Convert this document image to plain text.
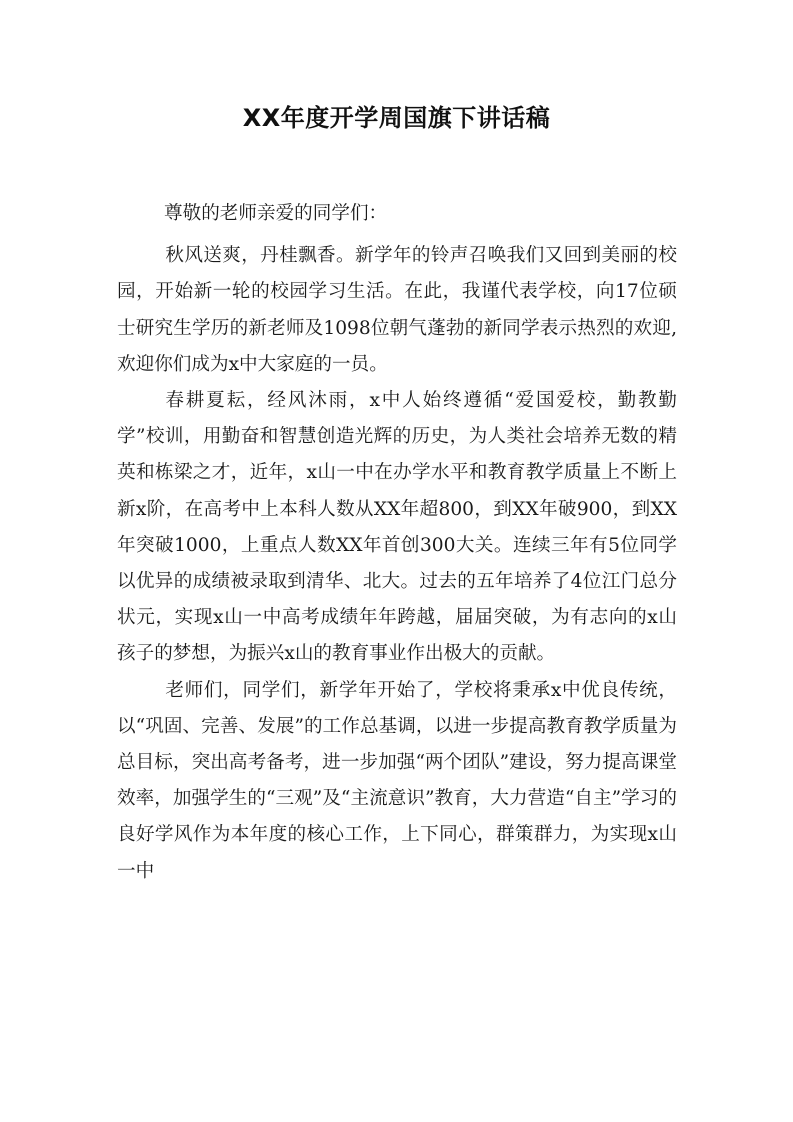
XX年度开学周国旗下讲话稿

尊敬的老师亲爱的同学们：

秋风送爽，丹桂飘香。新学年的铃声召唤我们又回到美丽的校园，开始新一轮的校园学习生活。在此，我谨代表学校，向17位硕士研究生学历的新老师及1098位朝气蓬勃的新同学表示热烈的欢迎,欢迎你们成为x中大家庭的一员。

春耕夏耘，经风沐雨，x中人始终遵循“爱国爱校，勤教勤学”校训，用勤奋和智慧创造光辉的历史，为人类社会培养无数的精英和栋梁之才，近年，x山一中在办学水平和教育教学质量上不断上新x阶，在高考中上本科人数从XX年超800，到XX年破900，到XX年突破1000，上重点人数XX年首创300大关。连续三年有5位同学以优异的成绩被录取到清华、北大。过去的五年培养了4位江门总分状元，实现x山一中高考成绩年年跨越，届届突破，为有志向的x山孩子的梦想，为振兴x山的教育事业作出极大的贡献。

老师们，同学们，新学年开始了，学校将秉承x中优良传统，以“巩固、完善、发展”的工作总基调，以进一步提高教育教学质量为总目标，突出高考备考，进一步加强“两个团队”建设，努力提高课堂效率，加强学生的“三观”及“主流意识”教育，大力营造“自主”学习的良好学风作为本年度的核心工作，上下同心，群策群力，为实现x山一中
